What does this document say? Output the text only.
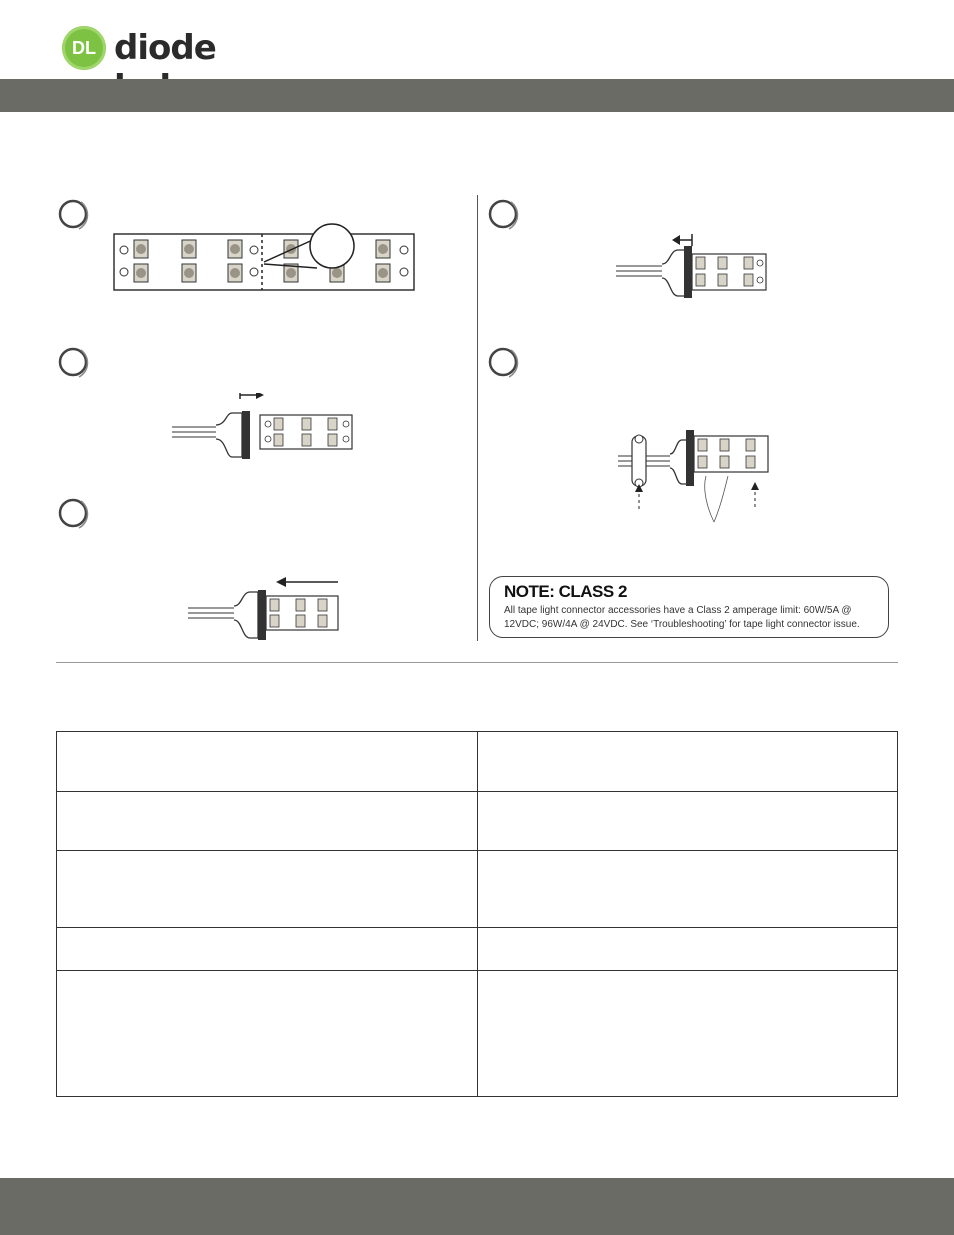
DL diode
NOTE: CLASS 2
All tape light connector accessories have a Class 2 amperage limit: 60W/5A @ 12VDC; 96W/4A @ 24VDC. See ‘Troubleshooting’ for tape light connector issue.
